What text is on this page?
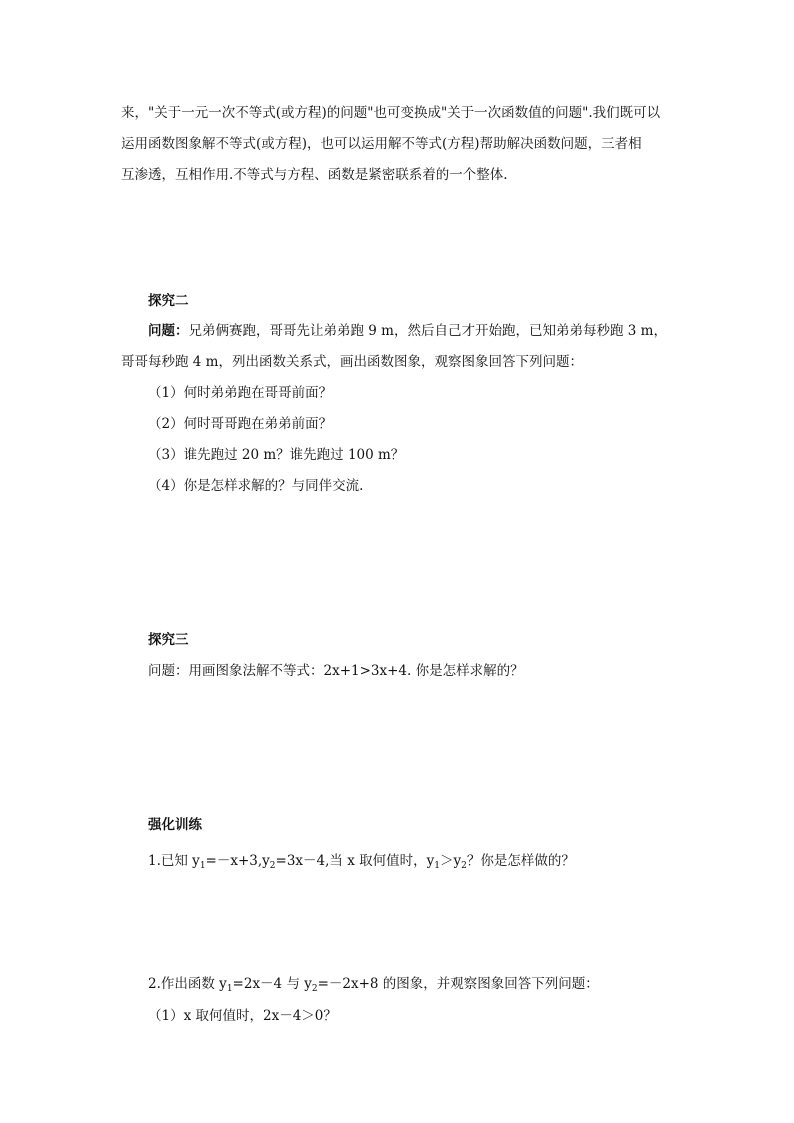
来，"关于一元一次不等式(或方程)的问题"也可变换成"关于一次函数值的问题".我们既可以
运用函数图象解不等式(或方程)，也可以运用解不等式(方程)帮助解决函数问题，三者相
互渗透，互相作用.不等式与方程、函数是紧密联系着的一个整体.
探究二
问题：兄弟俩赛跑，哥哥先让弟弟跑 9 m，然后自己才开始跑，已知弟弟每秒跑 3 m，
哥哥每秒跑 4 m，列出函数关系式，画出函数图象，观察图象回答下列问题：
（1）何时弟弟跑在哥哥前面？
（2）何时哥哥跑在弟弟前面？
（3）谁先跑过 20 m？谁先跑过 100 m？
（4）你是怎样求解的？与同伴交流.
探究三
问题：用画图象法解不等式：2x+1>3x+4. 你是怎样求解的？
强化训练
1.已知 $y_1=-x+3,y_2=3x-4$,当 x 取何值时，$y_1>y_2$？你是怎样做的？
2.作出函数 $y_1=2x-4$ 与 $y_2=-2x+8$ 的图象，并观察图象回答下列问题：
（1）x 取何值时，2x－4＞0？
